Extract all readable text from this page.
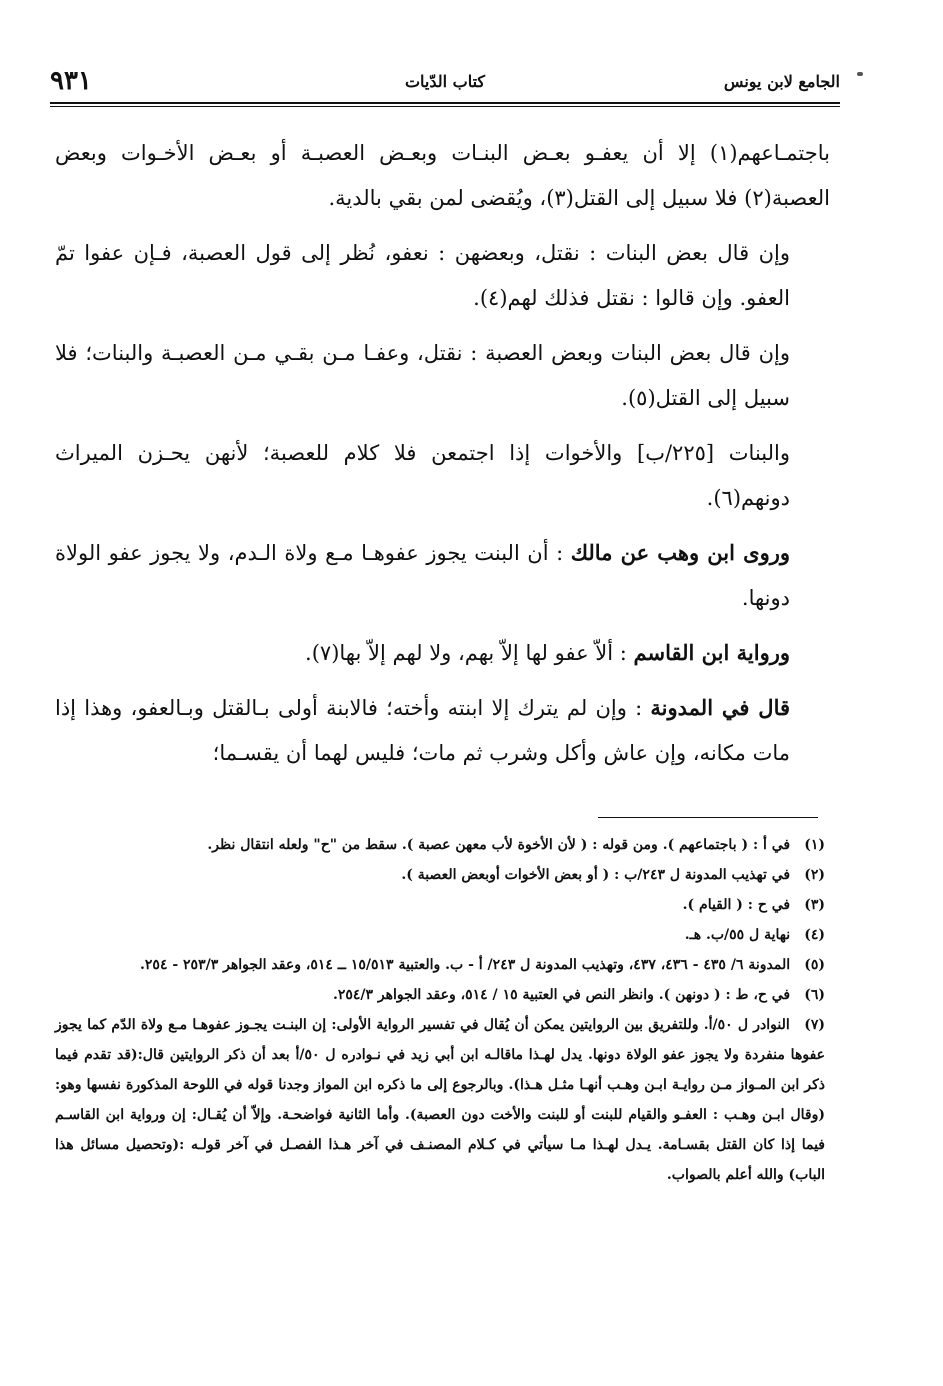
الجامع لابن يونس
كتاب الدّيات
٩٣١

باجتمـاعهم(١) إلا أن يعفـو بعـض البنـات وبعـض العصبـة أو بعـض الأخـوات وبعض العصبة(٢) فلا سبيل إلى القتل(٣)، ويُقضى لمن بقي بالدية.

وإن قال بعض البنات : نقتل، وبعضهن : نعفو، نُظر إلى قول العصبة، فـإن عفوا تمّ العفو. وإن قالوا : نقتل فذلك لهم(٤).

وإن قال بعض البنات وبعض العصبة : نقتل، وعفـا مـن بقـي مـن العصبـة والبنات؛ فلا سبيل إلى القتل(٥).

والبنات [٢٢٥/ب] والأخوات إذا اجتمعن فلا كلام للعصبة؛ لأنهن يحـزن الميراث دونهم(٦).

وروى ابن وهب عن مالك : أن البنت يجوز عفوهـا مـع ولاة الـدم، ولا يجوز عفو الولاة دونها.

ورواية ابن القاسم : ألاّ عفو لها إلاّ بهم، ولا لهم إلاّ بها(٧).

قال في المدونة : وإن لم يترك إلا ابنته وأخته؛ فالابنة أولى بـالقتل وبـالعفو، وهذا إذا مات مكانه، وإن عاش وأكل وشرب ثم مات؛ فليس لهما أن يقسـما؛

(١) في أ : ( باجتماعهم ). ومن قوله : ( لأن الأخوة لأب معهن عصبة ). سقط من "ح" ولعله انتقال نظر.

(٢) في تهذيب المدونة ل ٢٤٣/ب : ( أو بعض الأخوات أوبعض العصبة ).

(٣) في ح : ( القيام ).

(٤) نهاية ل ٥٥/ب. هـ.

(٥) المدونة ٦/ ٤٣٥ - ٤٣٦، ٤٣٧، وتهذيب المدونة ل ٢٤٣/ أ - ب. والعتبية ١٥/٥١٣ ــ ٥١٤، وعقد الجواهر ٢٥٣/٣ - ٢٥٤.

(٦) في ح، ط : ( دونهن ). وانظر النص في العتبية ١٥ / ٥١٤، وعقد الجواهر ٢٥٤/٣.

(٧) النوادر ل ٥٠/أ. وللتفريق بين الروايتين يمكن أن يُقال في تفسير الرواية الأولى: إن البنـت يجـوز عفوهـا مـع ولاة الدّم كما يجوز عفوها منفردة ولا يجوز عفو الولاة دونها. يدل لهـذا ماقالـه ابن أبي زيد في نـوادره ل ٥٠/أ بعد أن ذكر الروايتين قال:(قد تقدم فيما ذكر ابن المـواز مـن روايـة ابـن وهـب أنهـا مثـل هـذا). وبالرجوع إلى ما ذكره ابن المواز وجدنا قوله في اللوحة المذكورة نفسها وهو: (وقال ابـن وهـب : العفـو والقيام للبنت أو للبنت والأخت دون العصبة). وأما الثانية فواضحـة. وإلاّ أن يُقـال: إن ورواية ابن القاسـم فيما إذا كان القتل بقسـامة. يـدل لهـذا مـا سيأتي في كـلام المصنـف في آخر هـذا الفصـل في آخر قولـه :(وتحصيل مسائل هذا الباب) والله أعلم بالصواب.
